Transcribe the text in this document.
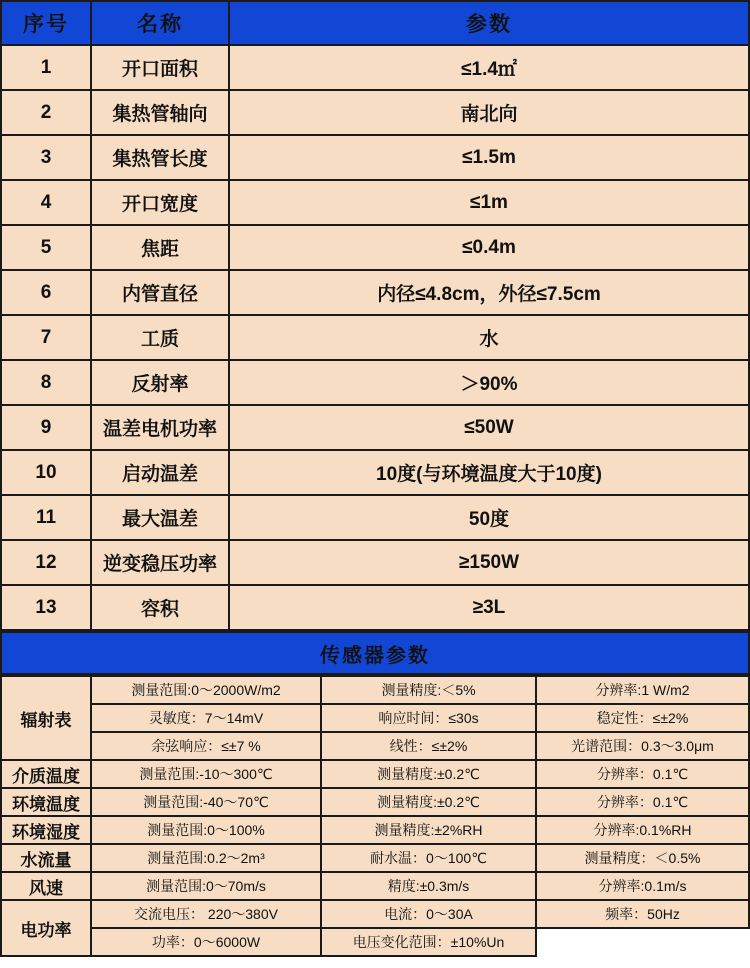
序号	名称	参数
1	开口面积	≤1.4㎡
2	集热管轴向	南北向
3	集热管长度	≤1.5m
4	开口宽度	≤1m
5	焦距	≤0.4m
6	内管直径	内径≤4.8cm，外径≤7.5cm
7	工质	水
8	反射率	＞90%
9	温差电机功率	≤50W
10	启动温差	10度(与环境温度大于10度)
11	最大温差	50度
12	逆变稳压功率	≥150W
13	容积	≥3L
传感器参数
辐射表	测量范围:0～2000W/m2	测量精度:＜5%	分辨率:1 W/m2
	灵敏度：7～14mV	响应时间：≤30s	稳定性：≤±2%
	余弦响应：≤±7 %	线性：≤±2%	光谱范围：0.3～3.0μm
介质温度	测量范围:-10～300℃	测量精度:±0.2℃	分辨率：0.1℃
环境温度	测量范围:-40～70℃	测量精度:±0.2℃	分辨率：0.1℃
环境湿度	测量范围:0～100%	测量精度:±2%RH	分辨率:0.1%RH
水流量	测量范围:0.2～2m³	耐水温：0～100℃	测量精度：＜0.5%
风速	测量范围:0～70m/s	精度:±0.3m/s	分辨率:0.1m/s
电功率	交流电压： 220～380V	电流：0～30A	频率：50Hz
	功率：0～6000W	电压变化范围：±10%Un	
